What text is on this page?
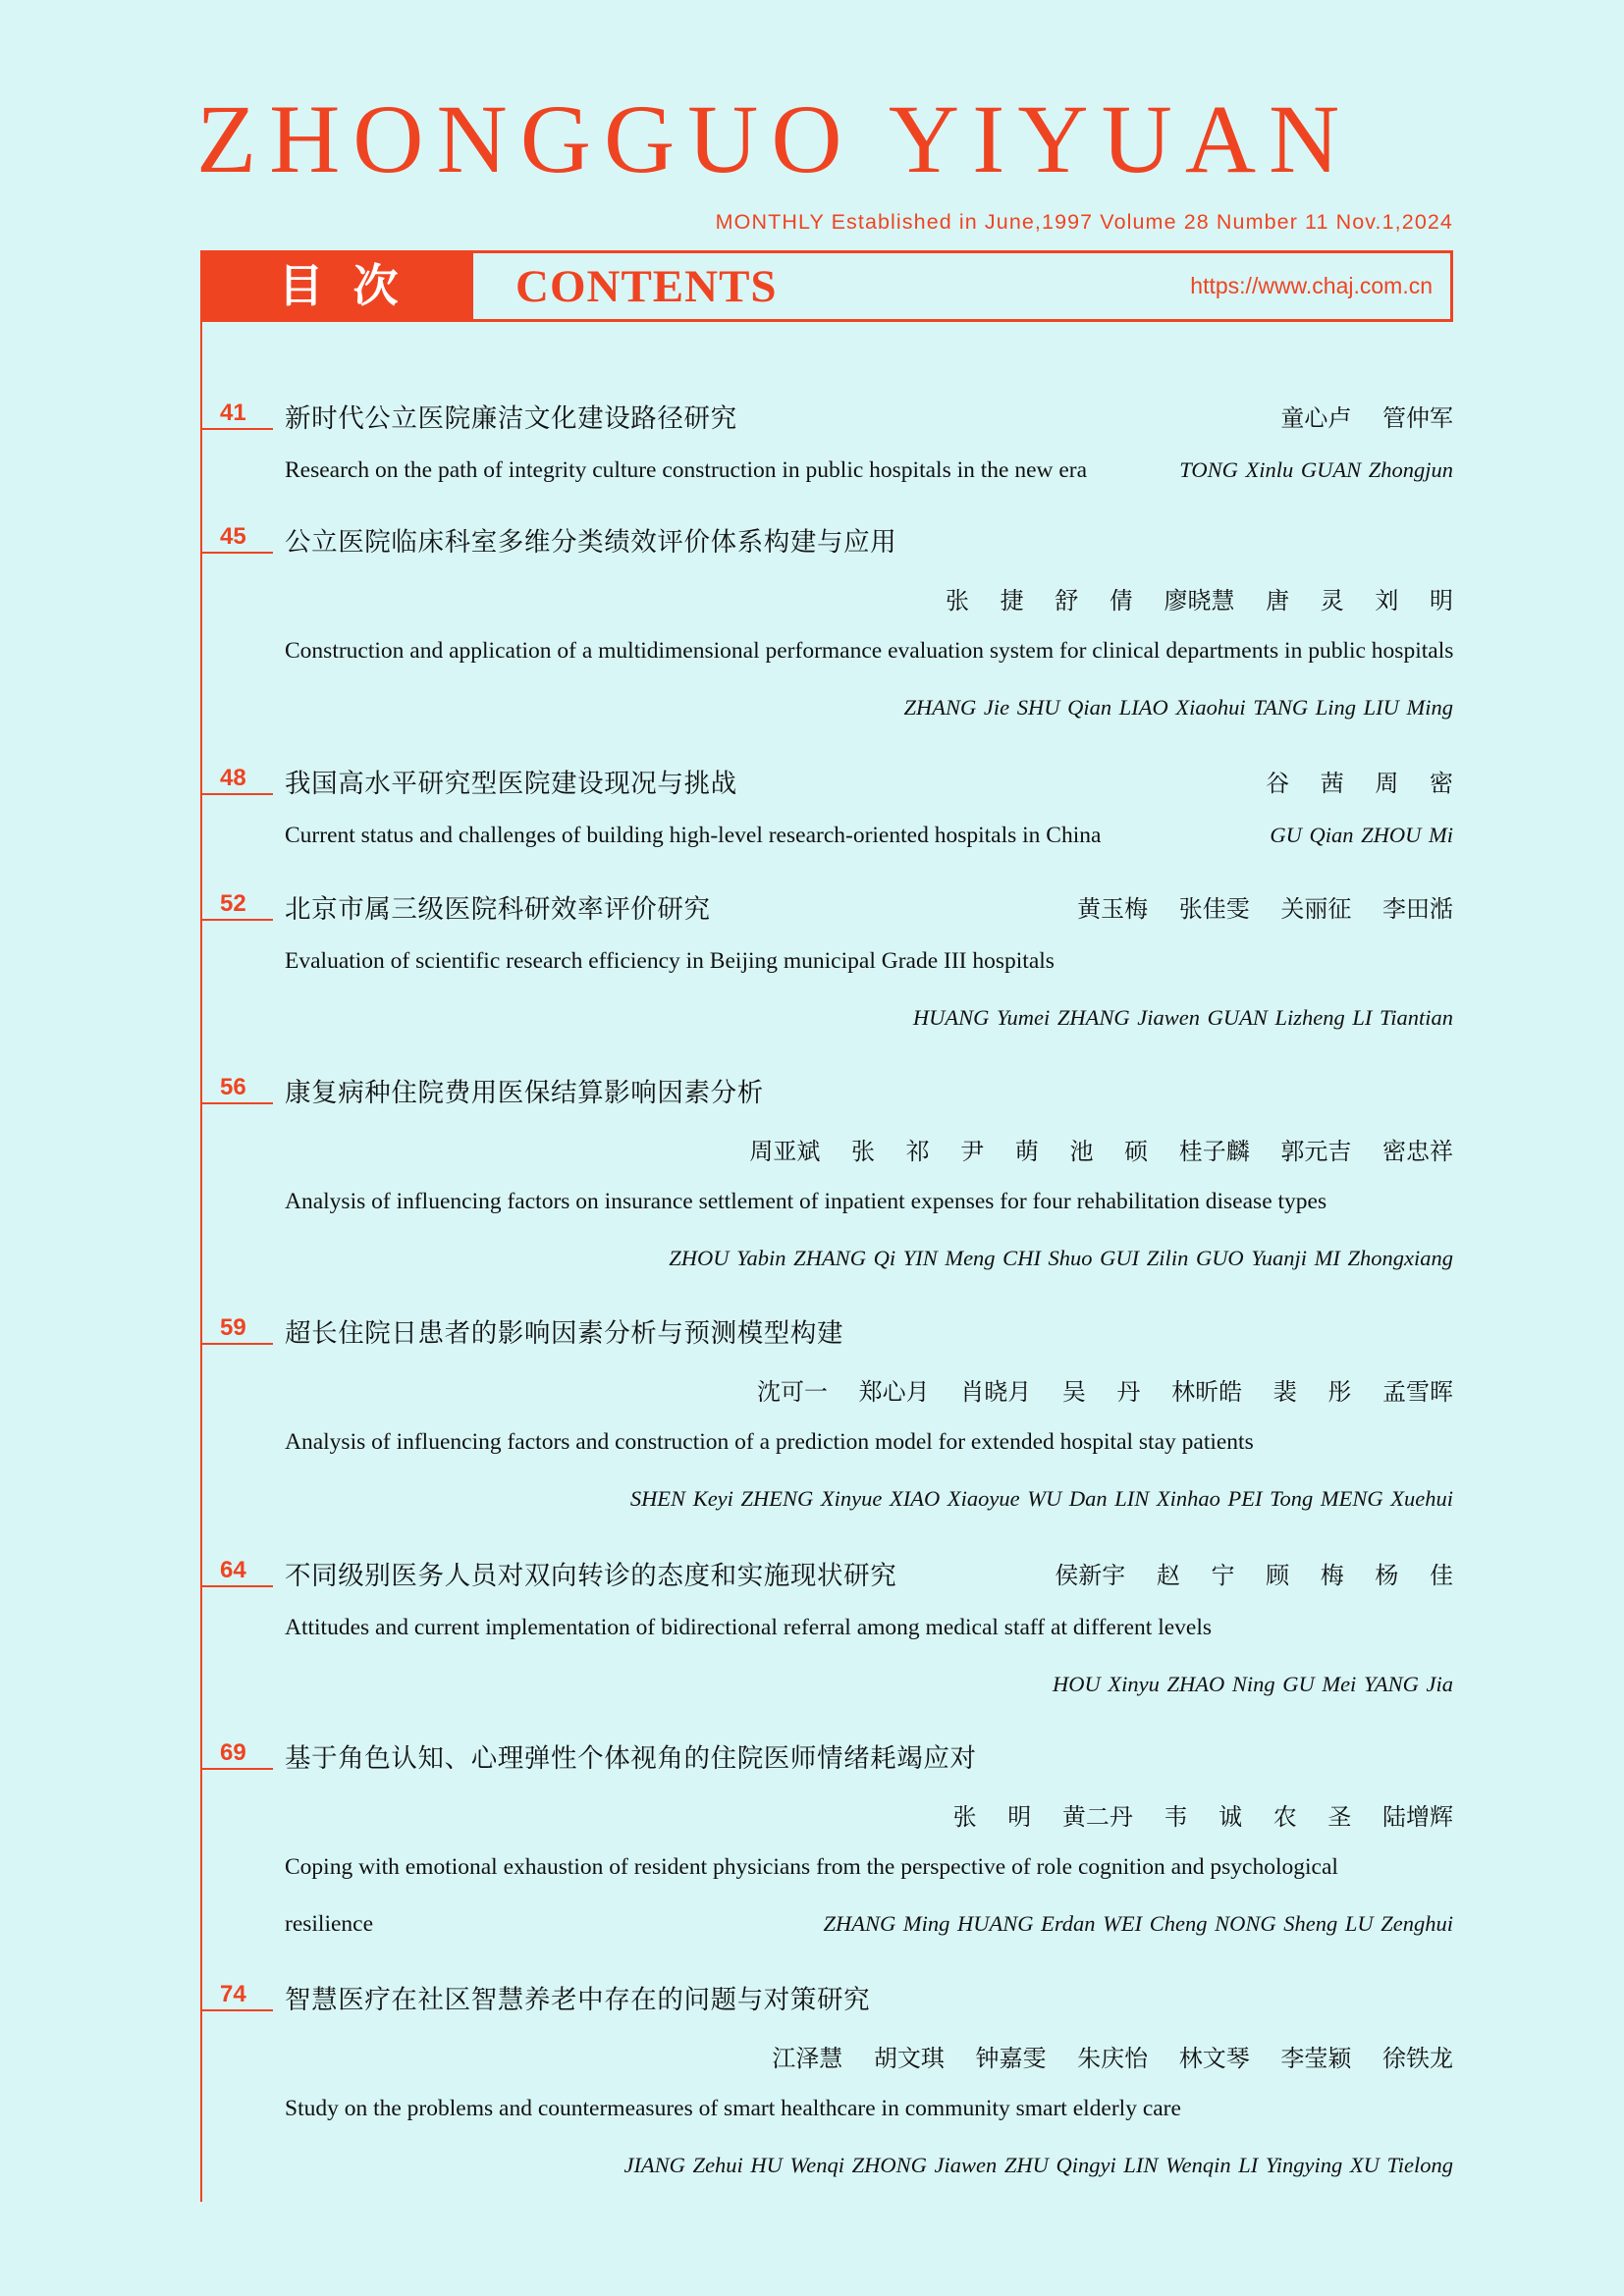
ZHONGGUO YIYUAN
MONTHLY Established in June,1997 Volume 28 Number 11 Nov.1,2024
目次	CONTENTS	https://www.chaj.com.cn
41	新时代公立医院廉洁文化建设路径研究	童心卢 管仲军
Research on the path of integrity culture construction in public hospitals in the new era	TONG Xinlu GUAN Zhongjun
45	公立医院临床科室多维分类绩效评价体系构建与应用
张 捷 舒 倩 廖晓慧 唐 灵 刘 明
Construction and application of a multidimensional performance evaluation system for clinical departments in public hospitals
ZHANG Jie SHU Qian LIAO Xiaohui TANG Ling LIU Ming
48	我国高水平研究型医院建设现况与挑战	谷 茜 周 密
Current status and challenges of building high-level research-oriented hospitals in China	GU Qian ZHOU Mi
52	北京市属三级医院科研效率评价研究	黄玉梅 张佳雯 关丽征 李田湉
Evaluation of scientific research efficiency in Beijing municipal Grade III hospitals
HUANG Yumei ZHANG Jiawen GUAN Lizheng LI Tiantian
56	康复病种住院费用医保结算影响因素分析
周亚斌 张 祁 尹 萌 池 硕 桂子麟 郭元吉 密忠祥
Analysis of influencing factors on insurance settlement of inpatient expenses for four rehabilitation disease types
ZHOU Yabin ZHANG Qi YIN Meng CHI Shuo GUI Zilin GUO Yuanji MI Zhongxiang
59	超长住院日患者的影响因素分析与预测模型构建
沈可一 郑心月 肖晓月 吴 丹 林昕皓 裴 彤 孟雪晖
Analysis of influencing factors and construction of a prediction model for extended hospital stay patients
SHEN Keyi ZHENG Xinyue XIAO Xiaoyue WU Dan LIN Xinhao PEI Tong MENG Xuehui
64	不同级别医务人员对双向转诊的态度和实施现状研究	侯新宇 赵 宁 顾 梅 杨 佳
Attitudes and current implementation of bidirectional referral among medical staff at different levels
HOU Xinyu ZHAO Ning GU Mei YANG Jia
69	基于角色认知、心理弹性个体视角的住院医师情绪耗竭应对
张 明 黄二丹 韦 诚 农 圣 陆增辉
Coping with emotional exhaustion of resident physicians from the perspective of role cognition and psychological
resilience	ZHANG Ming HUANG Erdan WEI Cheng NONG Sheng LU Zenghui
74	智慧医疗在社区智慧养老中存在的问题与对策研究
江泽慧 胡文琪 钟嘉雯 朱庆怡 林文琴 李莹颖 徐铁龙
Study on the problems and countermeasures of smart healthcare in community smart elderly care
JIANG Zehui HU Wenqi ZHONG Jiawen ZHU Qingyi LIN Wenqin LI Yingying XU Tielong
